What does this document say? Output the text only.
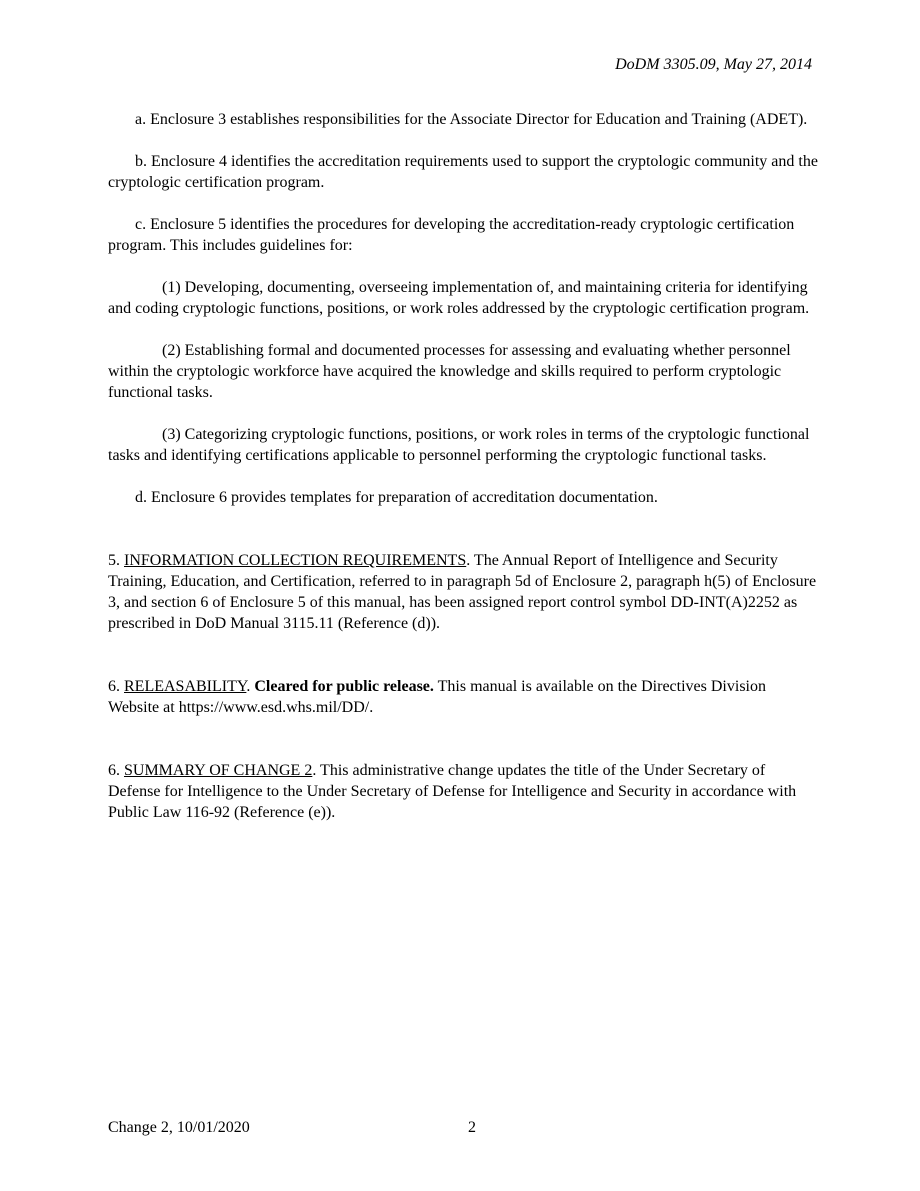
DoDM 3305.09, May 27, 2014

a. Enclosure 3 establishes responsibilities for the Associate Director for Education and Training (ADET).

b. Enclosure 4 identifies the accreditation requirements used to support the cryptologic community and the cryptologic certification program.

c. Enclosure 5 identifies the procedures for developing the accreditation-ready cryptologic certification program. This includes guidelines for:

(1) Developing, documenting, overseeing implementation of, and maintaining criteria for identifying and coding cryptologic functions, positions, or work roles addressed by the cryptologic certification program.

(2) Establishing formal and documented processes for assessing and evaluating whether personnel within the cryptologic workforce have acquired the knowledge and skills required to perform cryptologic functional tasks.

(3) Categorizing cryptologic functions, positions, or work roles in terms of the cryptologic functional tasks and identifying certifications applicable to personnel performing the cryptologic functional tasks.

d. Enclosure 6 provides templates for preparation of accreditation documentation.

5. INFORMATION COLLECTION REQUIREMENTS. The Annual Report of Intelligence and Security Training, Education, and Certification, referred to in paragraph 5d of Enclosure 2, paragraph h(5) of Enclosure 3, and section 6 of Enclosure 5 of this manual, has been assigned report control symbol DD-INT(A)2252 as prescribed in DoD Manual 3115.11 (Reference (d)).

6. RELEASABILITY. Cleared for public release. This manual is available on the Directives Division Website at https://www.esd.whs.mil/DD/.

6. SUMMARY OF CHANGE 2. This administrative change updates the title of the Under Secretary of Defense for Intelligence to the Under Secretary of Defense for Intelligence and Security in accordance with Public Law 116-92 (Reference (e)).

Change 2, 10/01/2020	2
